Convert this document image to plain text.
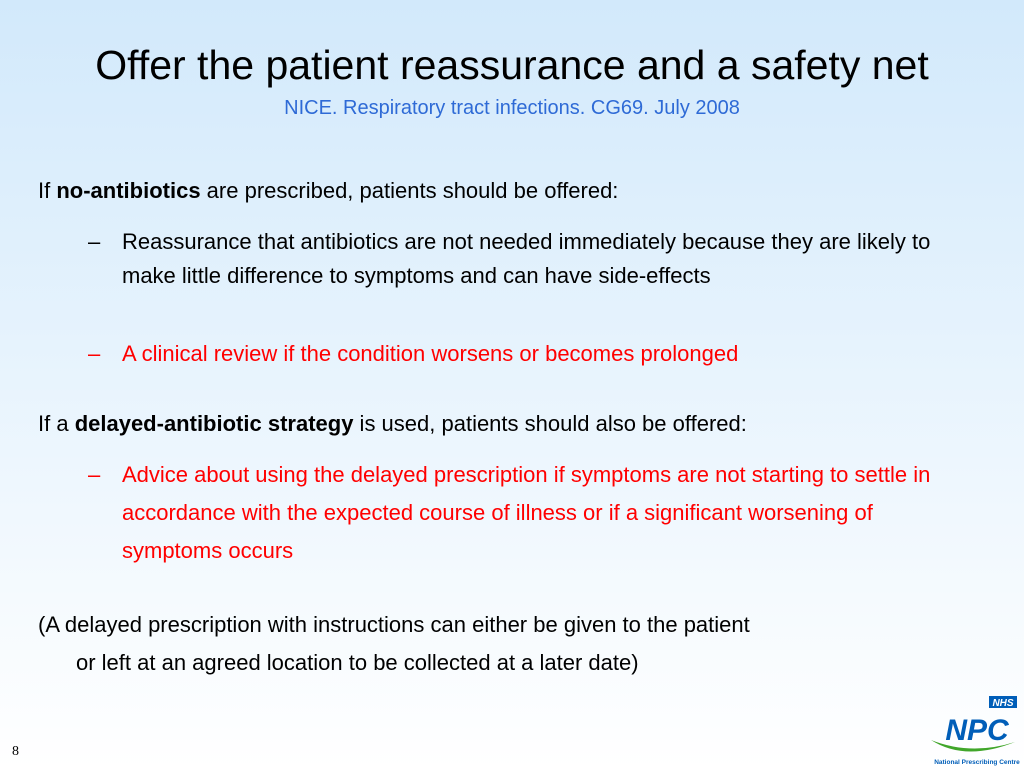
Offer the patient reassurance and a safety net
NICE. Respiratory tract infections. CG69. July 2008
If no-antibiotics are prescribed, patients should be offered:
– Reassurance that antibiotics are not needed immediately because they are likely to make little difference to symptoms and can have side-effects
– A clinical review if the condition worsens or becomes prolonged
If a delayed-antibiotic strategy is used, patients should also be offered:
– Advice about using the delayed prescription if symptoms are not starting to settle in accordance with the expected course of illness or if a significant worsening of symptoms occurs
(A delayed prescription with instructions can either be given to the patient
or left at an agreed location to be collected at a later date)
8
NHS
NPC
National Prescribing Centre
